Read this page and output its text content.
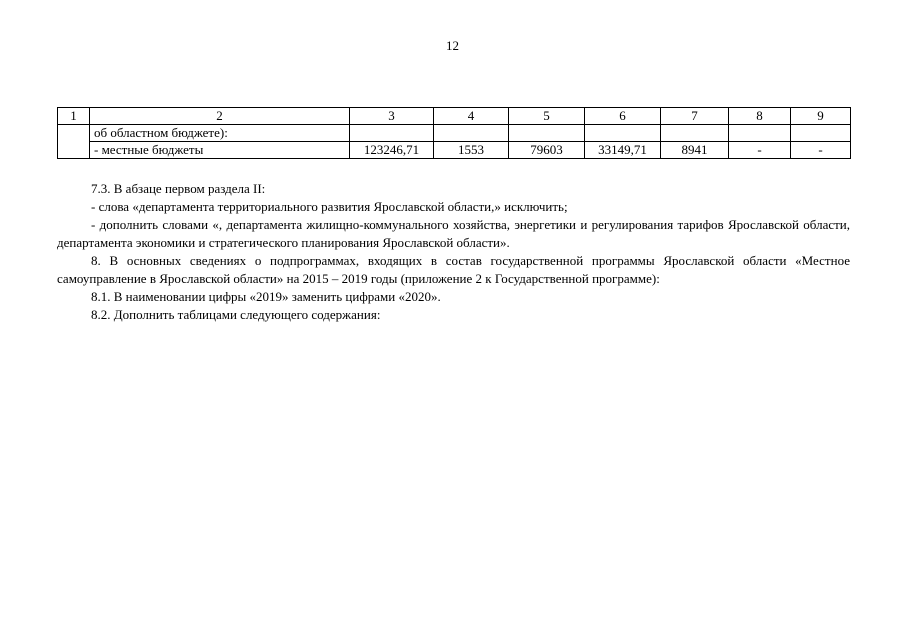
12
1	2	3	4	5	6	7	8	9
	об областном бюджете):							
	- местные бюджеты	123246,71	1553	79603	33149,71	8941	-	-

7.3. В абзаце первом раздела II:

- слова «департамента территориального развития Ярославской области,» исключить;

- дополнить словами «, департамента жилищно-коммунального хозяйства, энергетики и регулирования тарифов Ярославской области, департамента экономики и стратегического планирования Ярославской области».

8. В основных сведениях о подпрограммах, входящих в состав государственной программы Ярославской области «Местное самоуправление в Ярославской области» на 2015 – 2019 годы (приложение 2 к Государственной программе):

8.1. В наименовании цифры «2019» заменить цифрами «2020».

8.2. Дополнить таблицами следующего содержания:
